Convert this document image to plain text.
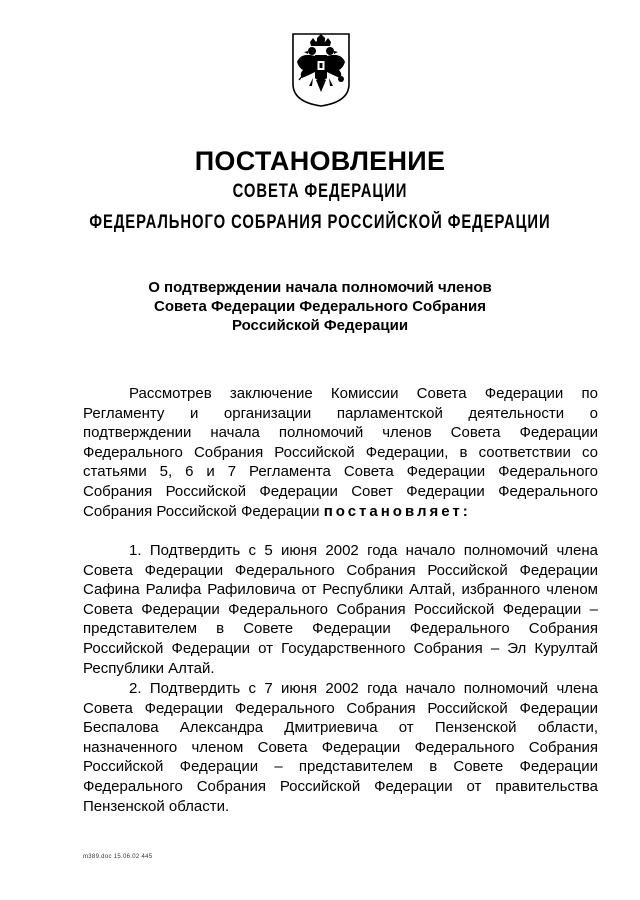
ПОСТАНОВЛЕНИЕ
СОВЕТА ФЕДЕРАЦИИ
ФЕДЕРАЛЬНОГО СОБРАНИЯ РОССИЙСКОЙ ФЕДЕРАЦИИ
О подтверждении начала полномочий членов
Совета Федерации Федерального Собрания
Российской Федерации

Рассмотрев заключение Комиссии Совета Федерации по Регламенту и организации парламентской деятельности о подтверждении начала полномочий членов Совета Федерации Федерального Собрания Российской Федерации, в соответствии со статьями 5, 6 и 7 Регламента Совета Федерации Федерального Собрания Российской Федерации Совет Федерации Федерального Собрания Российской Федерации постановляет:

1. Подтвердить с 5 июня 2002 года начало полномочий члена Совета Федерации Федерального Собрания Российской Федерации Сафина Ралифа Рафиловича от Республики Алтай, избранного членом Совета Федерации Федерального Собрания Российской Федерации – представителем в Совете Федерации Федерального Собрания Российской Федерации от Государственного Собрания – Эл Курултай Республики Алтай.

2. Подтвердить с 7 июня 2002 года начало полномочий члена Совета Федерации Федерального Собрания Российской Федерации Беспалова Александра Дмитриевича от Пензенской области, назначенного членом Совета Федерации Федерального Собрания Российской Федерации – представителем в Совете Федерации Федерального Собрания Российской Федерации от правительства Пензенской области.

m389.doc 15.06.02 445
